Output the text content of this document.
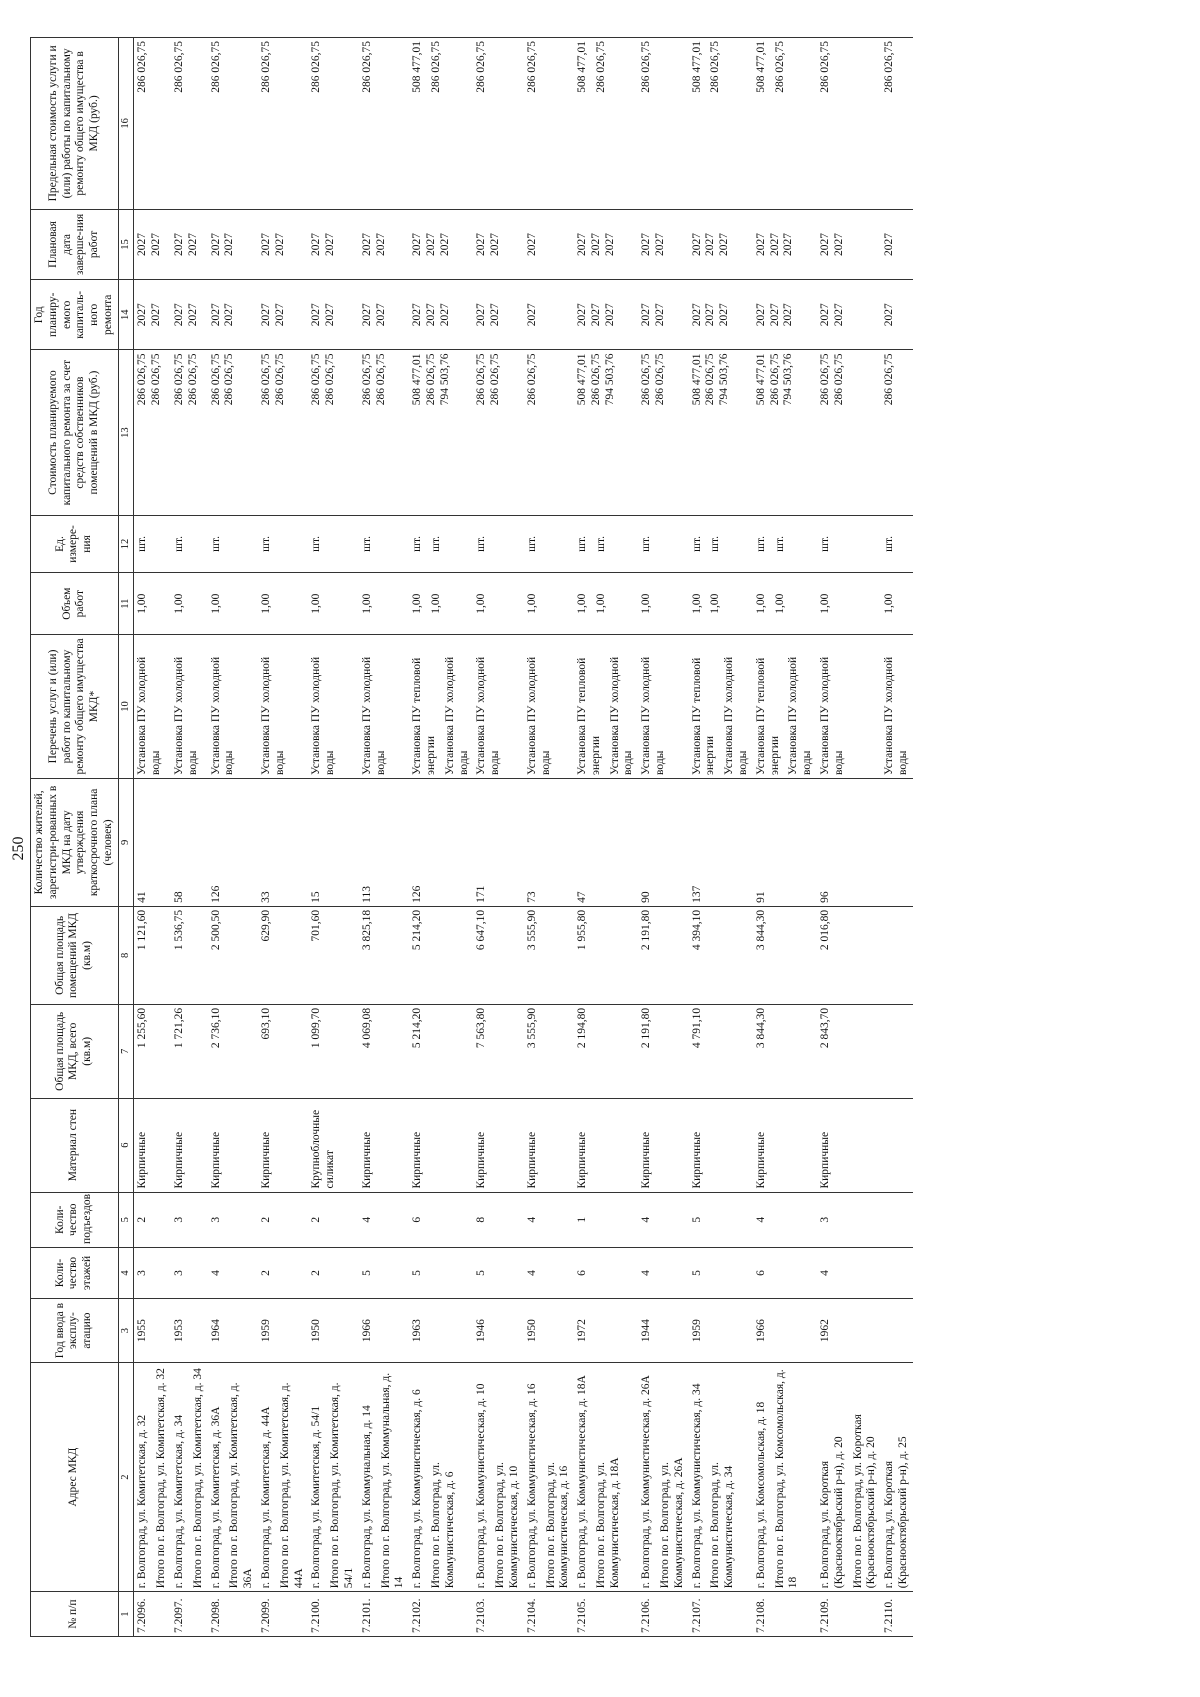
250
№ п/п	Адрес МКД	Год ввода в эксплу-атацию	Коли-чество этажей	Коли-чество подъездов	Материал стен	Общая площадь МКД, всего (кв.м)	Общая площадь помещений МКД (кв.м)	Количество жителей, зарегистри-рованных в МКД на дату утверждения краткосрочного плана (человек)	Перечень услуг и (или) работ по капитальному ремонту общего имущества МКД*	Объем работ	Ед. измере-ния	Стоимость планируемого капитального ремонта за счет средств собственников помещений в МКД (руб.)	Год планиру-емого капиталь-ного ремонта	Плановая дата заверше-ния работ	Предельная стоимость услуги и (или) работы по капитальному ремонту общего имущества в МКД (руб.)
1	2	3	4	5	6	7	8	9	10	11	12	13	14	15	16
7.2096.	г. Волгоград, ул. Комитетская, д. 32 Итого по г. Волгоград, ул. Комитетская, д. 32	1955	3	2	Кирпичные	1 255,60	1 121,60	41	Установка ПУ холодной воды	1,00	шт.	286 026,75 286 026,75	2027 2027	2027 2027	286 026,75

7.2097.	г. Волгоград, ул. Комитетская, д. 34 Итого по г. Волгоград, ул. Комитетская, д. 34	1953	3	3	Кирпичные	1 721,26	1 536,75	58	Установка ПУ холодной воды	1,00	шт.	286 026,75 286 026,75	2027 2027	2027 2027	286 026,75

7.2098.	г. Волгоград, ул. Комитетская, д. 36А Итого по г. Волгоград, ул. Комитетская, д. 36А	1964	4	3	Кирпичные	2 736,10	2 500,50	126	Установка ПУ холодной воды	1,00	шт.	286 026,75 286 026,75	2027 2027	2027 2027	286 026,75

7.2099.	г. Волгоград, ул. Комитетская, д. 44А Итого по г. Волгоград, ул. Комитетская, д. 44А	1959	2	2	Кирпичные	693,10	629,90	33	Установка ПУ холодной воды	1,00	шт.	286 026,75 286 026,75	2027 2027	2027 2027	286 026,75

7.2100.	г. Волгоград, ул. Комитетская, д. 54/1 Итого по г. Волгоград, ул. Комитетская, д. 54/1	1950	2	2	Крупноблочные силикат	1 099,70	701,60	15	Установка ПУ холодной воды	1,00	шт.	286 026,75 286 026,75	2027 2027	2027 2027	286 026,75

7.2101.	г. Волгоград, ул. Коммунальная, д. 14 Итого по г. Волгоград, ул. Коммунальная, д. 14	1966	5	4	Кирпичные	4 069,08	3 825,18	113	Установка ПУ холодной воды	1,00	шт.	286 026,75 286 026,75	2027 2027	2027 2027	286 026,75

7.2102.	г. Волгоград, ул. Коммунистическая, д. 6 Итого по г. Волгоград, ул. Коммунистическая, д. 6	1963	5	6	Кирпичные	5 214,20	5 214,20	126	Установка ПУ тепловой энергии Установка ПУ холодной воды	1,00 1,00	шт. шт.	508 477,01 286 026,75 794 503,76	2027 2027 2027	2027 2027 2027	508 477,01 286 026,75

7.2103.	г. Волгоград, ул. Коммунистическая, д. 10 Итого по г. Волгоград, ул. Коммунистическая, д. 10	1946	5	8	Кирпичные	7 563,80	6 647,10	171	Установка ПУ холодной воды	1,00	шт.	286 026,75 286 026,75	2027 2027	2027 2027	286 026,75

7.2104.	г. Волгоград, ул. Коммунистическая, д. 16 Итого по г. Волгоград, ул. Коммунистическая, д. 16	1950	4	4	Кирпичные	3 555,90	3 555,90	73	Установка ПУ холодной воды	1,00	шт.	286 026,75	2027	2027	286 026,75

7.2105.	г. Волгоград, ул. Коммунистическая, д. 18А Итого по г. Волгоград, ул. Коммунистическая, д. 18А	1972	6	1	Кирпичные	2 194,80	1 955,80	47	Установка ПУ тепловой энергии Установка ПУ холодной воды	1,00 1,00	шт. шт.	508 477,01 286 026,75 794 503,76	2027 2027 2027	2027 2027 2027	508 477,01 286 026,75

7.2106.	г. Волгоград, ул. Коммунистическая, д. 26А Итого по г. Волгоград, ул. Коммунистическая, д. 26А	1944	4	4	Кирпичные	2 191,80	2 191,80	90	Установка ПУ холодной воды	1,00	шт.	286 026,75 286 026,75	2027 2027	2027 2027	286 026,75

7.2107.	г. Волгоград, ул. Коммунистическая, д. 34 Итого по г. Волгоград, ул. Коммунистическая, д. 34	1959	5	5	Кирпичные	4 791,10	4 394,10	137	Установка ПУ тепловой энергии Установка ПУ холодной воды	1,00 1,00	шт. шт.	508 477,01 286 026,75 794 503,76	2027 2027 2027	2027 2027 2027	508 477,01 286 026,75

7.2108.	г. Волгоград, ул. Комсомольская, д. 18 Итого по г. Волгоград, ул. Комсомольская, д. 18	1966	6	4	Кирпичные	3 844,30	3 844,30	91	Установка ПУ тепловой энергии Установка ПУ холодной воды	1,00 1,00	шт. шт.	508 477,01 286 026,75 794 503,76	2027 2027 2027	2027 2027 2027	508 477,01 286 026,75

7.2109.	г. Волгоград, ул. Короткая (Краснооктябрьский р-н), д. 20 Итого по г. Волгоград, ул. Короткая (Краснооктябрьский р-н), д. 20	1962	4	3	Кирпичные	2 843,70	2 016,80	96	Установка ПУ холодной воды	1,00	шт.	286 026,75 286 026,75	2027 2027	2027 2027	286 026,75

7.2110.	г. Волгоград, ул. Короткая (Краснооктябрьский р-н), д. 25								Установка ПУ холодной воды	1,00	шт.	286 026,75	2027	2027	286 026,75
